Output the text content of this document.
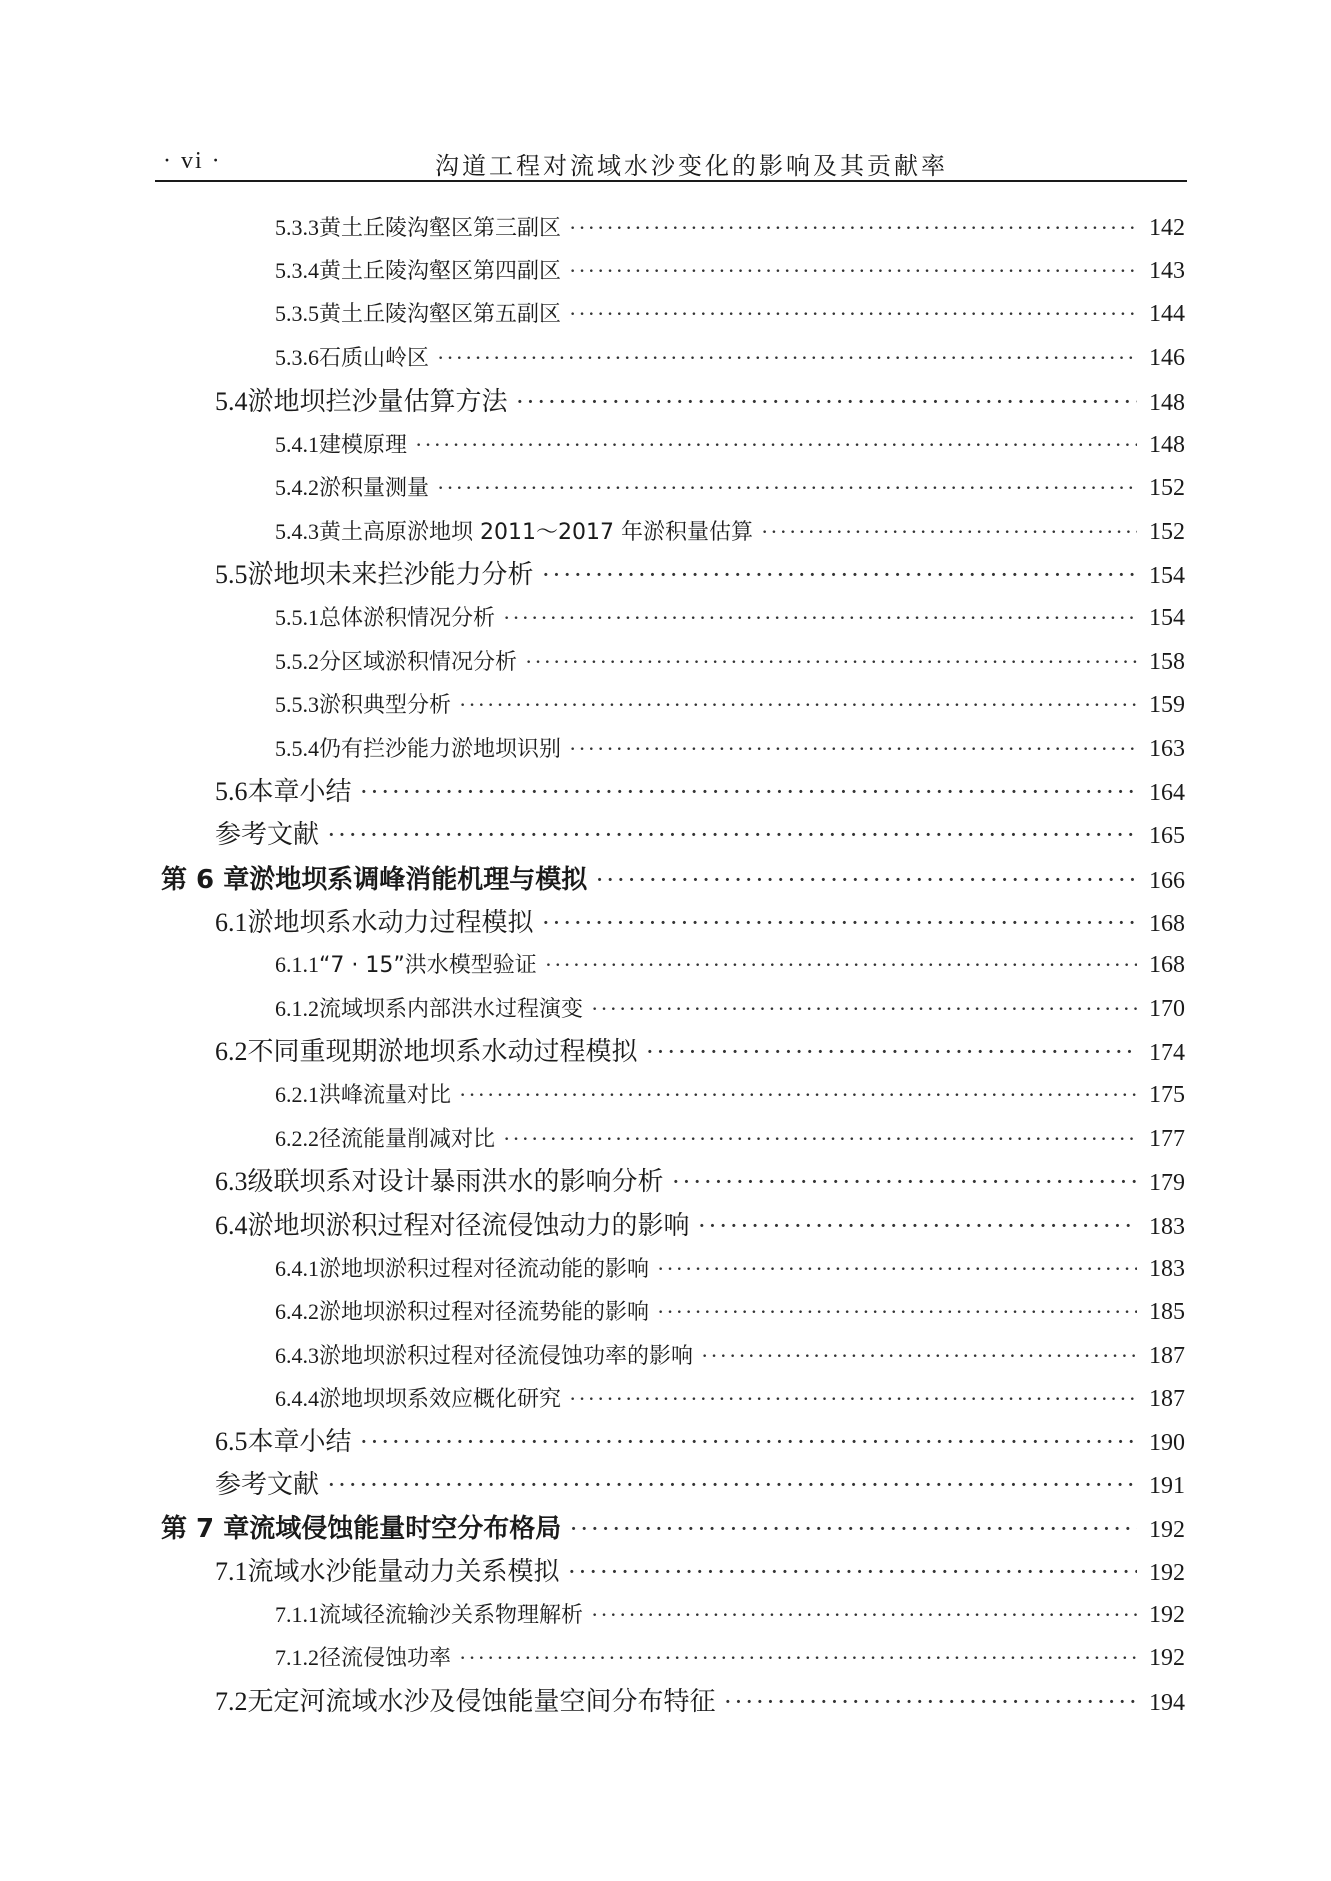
· vi ·	沟道工程对流域水沙变化的影响及其贡献率
5.3.3 黄土丘陵沟壑区第三副区 ·····	142
5.3.4 黄土丘陵沟壑区第四副区 ·····	143
5.3.5 黄土丘陵沟壑区第五副区 ·····	144
5.3.6 石质山岭区 ·····	146
5.4 淤地坝拦沙量估算方法 ·····	148
5.4.1 建模原理 ·····	148
5.4.2 淤积量测量 ·····	152
5.4.3 黄土高原淤地坝 2011～2017 年淤积量估算 ·····	152
5.5 淤地坝未来拦沙能力分析 ·····	154
5.5.1 总体淤积情况分析 ·····	154
5.5.2 分区域淤积情况分析 ·····	158
5.5.3 淤积典型分析 ·····	159
5.5.4 仍有拦沙能力淤地坝识别 ·····	163
5.6 本章小结 ·····	164
参考文献 ·····	165
第 6 章 淤地坝系调峰消能机理与模拟 ·····	166
6.1 淤地坝系水动力过程模拟 ·····	168
6.1.1 “7 · 15”洪水模型验证 ·····	168
6.1.2 流域坝系内部洪水过程演变 ·····	170
6.2 不同重现期淤地坝系水动过程模拟 ·····	174
6.2.1 洪峰流量对比 ·····	175
6.2.2 径流能量削减对比 ·····	177
6.3 级联坝系对设计暴雨洪水的影响分析 ·····	179
6.4 淤地坝淤积过程对径流侵蚀动力的影响 ·····	183
6.4.1 淤地坝淤积过程对径流动能的影响 ·····	183
6.4.2 淤地坝淤积过程对径流势能的影响 ·····	185
6.4.3 淤地坝淤积过程对径流侵蚀功率的影响 ·····	187
6.4.4 淤地坝坝系效应概化研究 ·····	187
6.5 本章小结 ·····	190
参考文献 ·····	191
第 7 章 流域侵蚀能量时空分布格局 ·····	192
7.1 流域水沙能量动力关系模拟 ·····	192
7.1.1 流域径流输沙关系物理解析 ·····	192
7.1.2 径流侵蚀功率 ·····	192
7.2 无定河流域水沙及侵蚀能量空间分布特征 ·····	194
